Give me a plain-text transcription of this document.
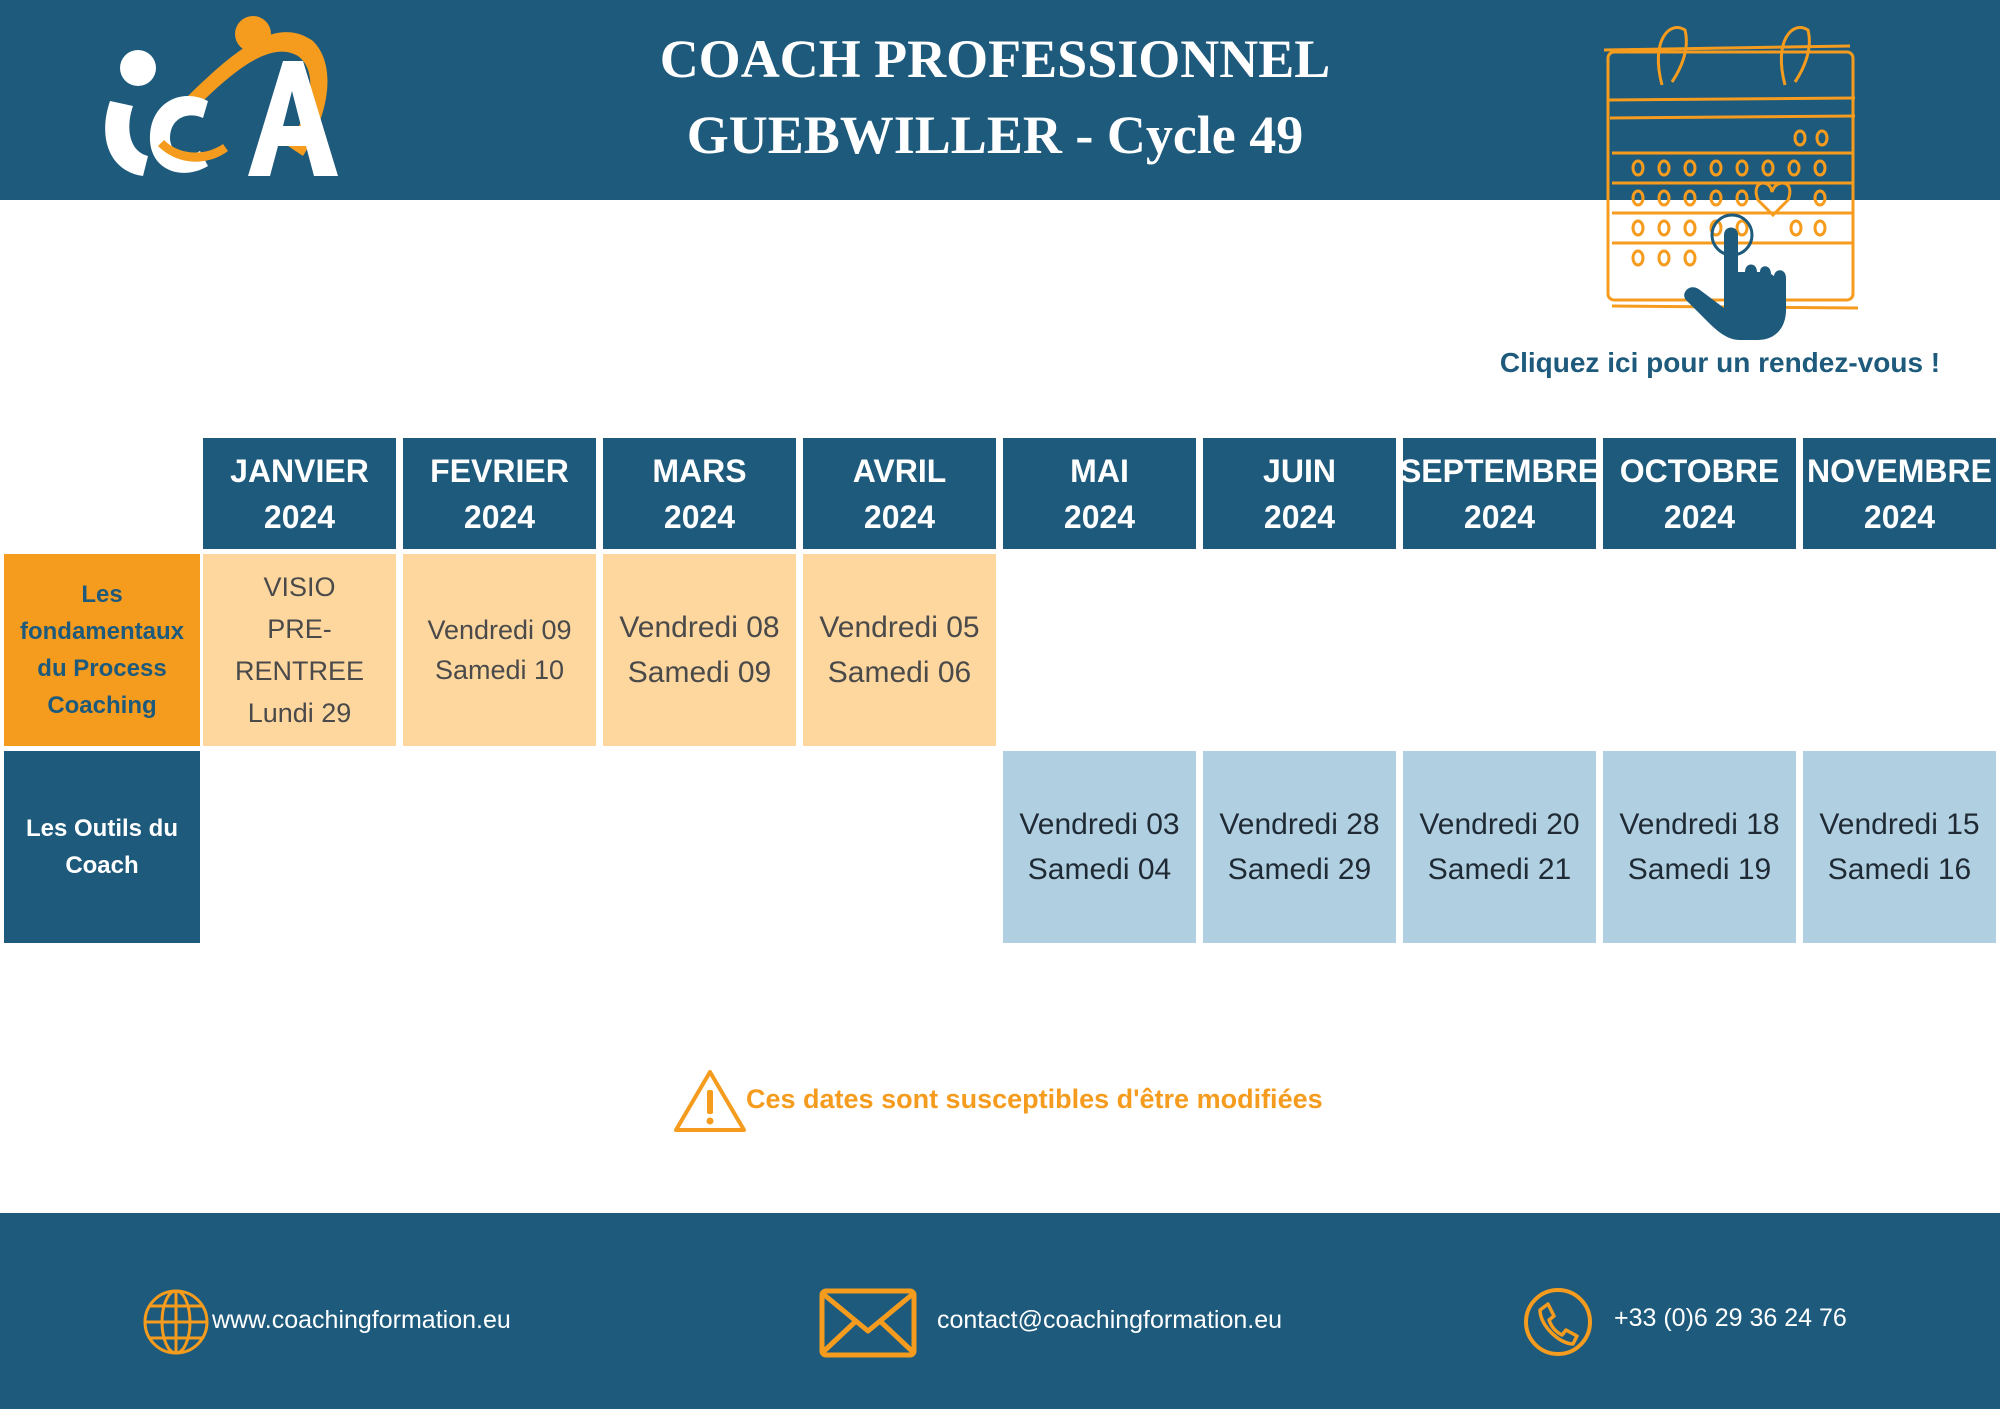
COACH PROFESSIONNEL
GUEBWILLER - Cycle 49
Cliquez ici pour un rendez-vous !
JANVIER
2024
FEVRIER
2024
MARS
2024
AVRIL
2024
MAI
2024
JUIN
2024
SEPTEMBRE
2024
OCTOBRE
2024
NOVEMBRE
2024
Les
fondamentaux
du Process
Coaching
Les Outils du
Coach
VISIO
PRE-RENTREE
Lundi 29
Vendredi 09
Samedi 10
Vendredi 08
Samedi 09
Vendredi 05
Samedi 06
Vendredi 03
Samedi 04
Vendredi 28
Samedi 29
Vendredi 20
Samedi 21
Vendredi 18
Samedi 19
Vendredi 15
Samedi 16
Ces dates sont susceptibles d'être modifiées
www.coachingformation.eu	contact@coachingformation.eu	+33 (0)6 29 36 24 76
